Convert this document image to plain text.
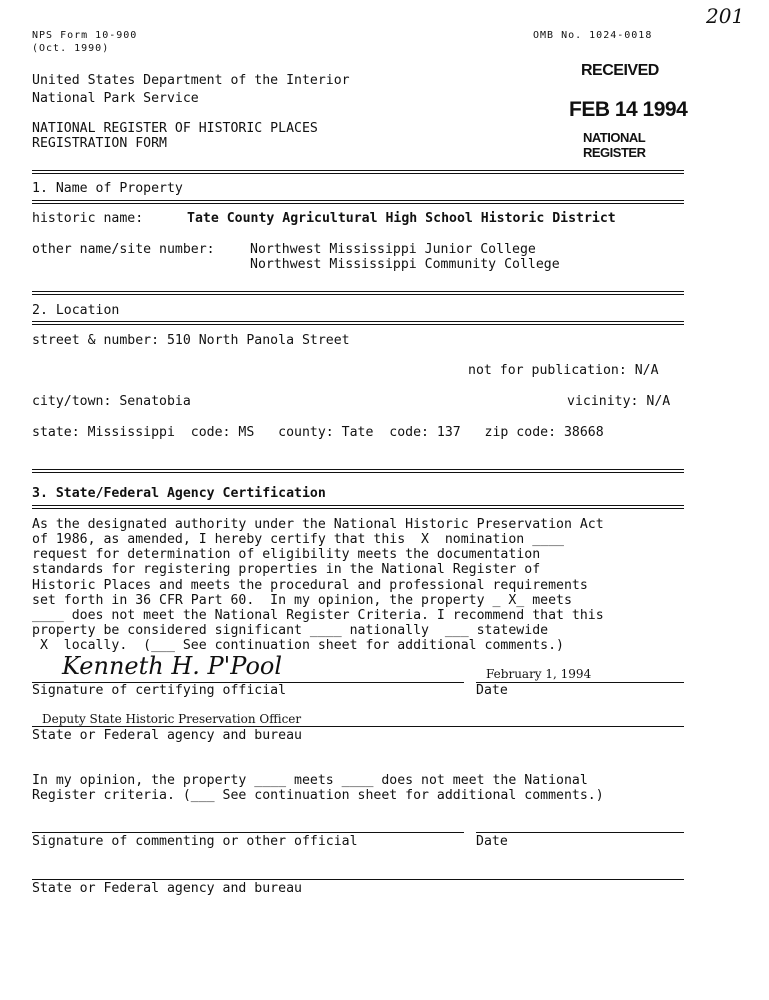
NPS Form 10-900
(Oct. 1990)
OMB No. 1024-0018
201
United States Department of the Interior
National Park Service
NATIONAL REGISTER OF HISTORIC PLACES
REGISTRATION FORM
RECEIVED
FEB 14 1994
NATIONAL
REGISTER
1. Name of Property
historic name:	Tate County Agricultural High School Historic District
other name/site number:	Northwest Mississippi Junior College
Northwest Mississippi Community College
2. Location
street & number: 510 North Panola Street
not for publication: N/A
city/town: Senatobia	vicinity: N/A
state: Mississippi  code: MS   county: Tate  code: 137   zip code: 38668
3. State/Federal Agency Certification
As the designated authority under the National Historic Preservation Act
of 1986, as amended, I hereby certify that this  X  nomination ____
request for determination of eligibility meets the documentation
standards for registering properties in the National Register of
Historic Places and meets the procedural and professional requirements
set forth in 36 CFR Part 60.  In my opinion, the property _ X_ meets
____ does not meet the National Register Criteria. I recommend that this
property be considered significant ____ nationally  ___ statewide
X  locally.  (___ See continuation sheet for additional comments.)
Kenneth H. P'Pool	February 1, 1994
Signature of certifying official	Date
Deputy State Historic Preservation Officer
State or Federal agency and bureau
In my opinion, the property ____ meets ____ does not meet the National
Register criteria. (___ See continuation sheet for additional comments.)
Signature of commenting or other official	Date
State or Federal agency and bureau
